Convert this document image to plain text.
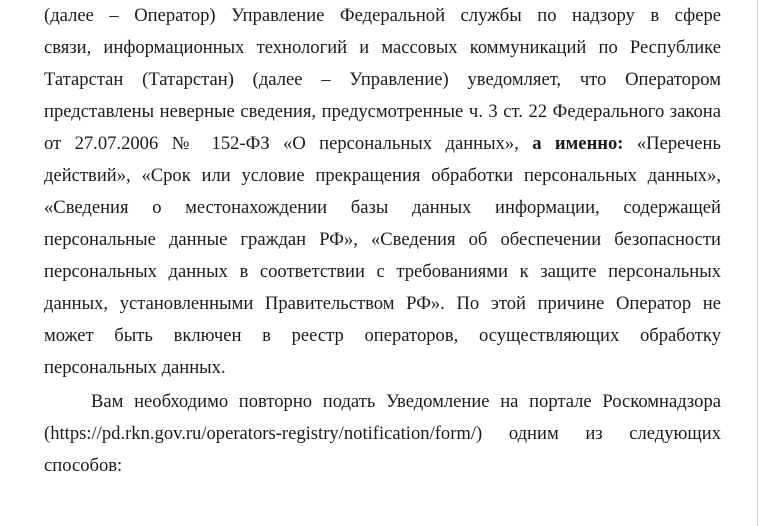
(далее – Оператор) Управление Федеральной службы по надзору в сфере
связи, информационных технологий и массовых коммуникаций по Республике
Татарстан (Татарстан) (далее – Управление) уведомляет, что Оператором
представлены неверные сведения, предусмотренные ч. 3 ст. 22 Федерального закона
от 27.07.2006 № 152-ФЗ «О персональных данных», а именно: «Перечень
действий», «Срок или условие прекращения обработки персональных данных»,
«Сведения о местонахождении базы данных информации, содержащей
персональные данные граждан РФ», «Сведения об обеспечении безопасности
персональных данных в соответствии с требованиями к защите персональных
данных, установленными Правительством РФ». По этой причине Оператор не
может быть включен в реестр операторов, осуществляющих обработку
персональных данных.
Вам необходимо повторно подать Уведомление на портале Роскомнадзора
(https://pd.rkn.gov.ru/operators-registry/notification/form/) одним из следующих
способов:
